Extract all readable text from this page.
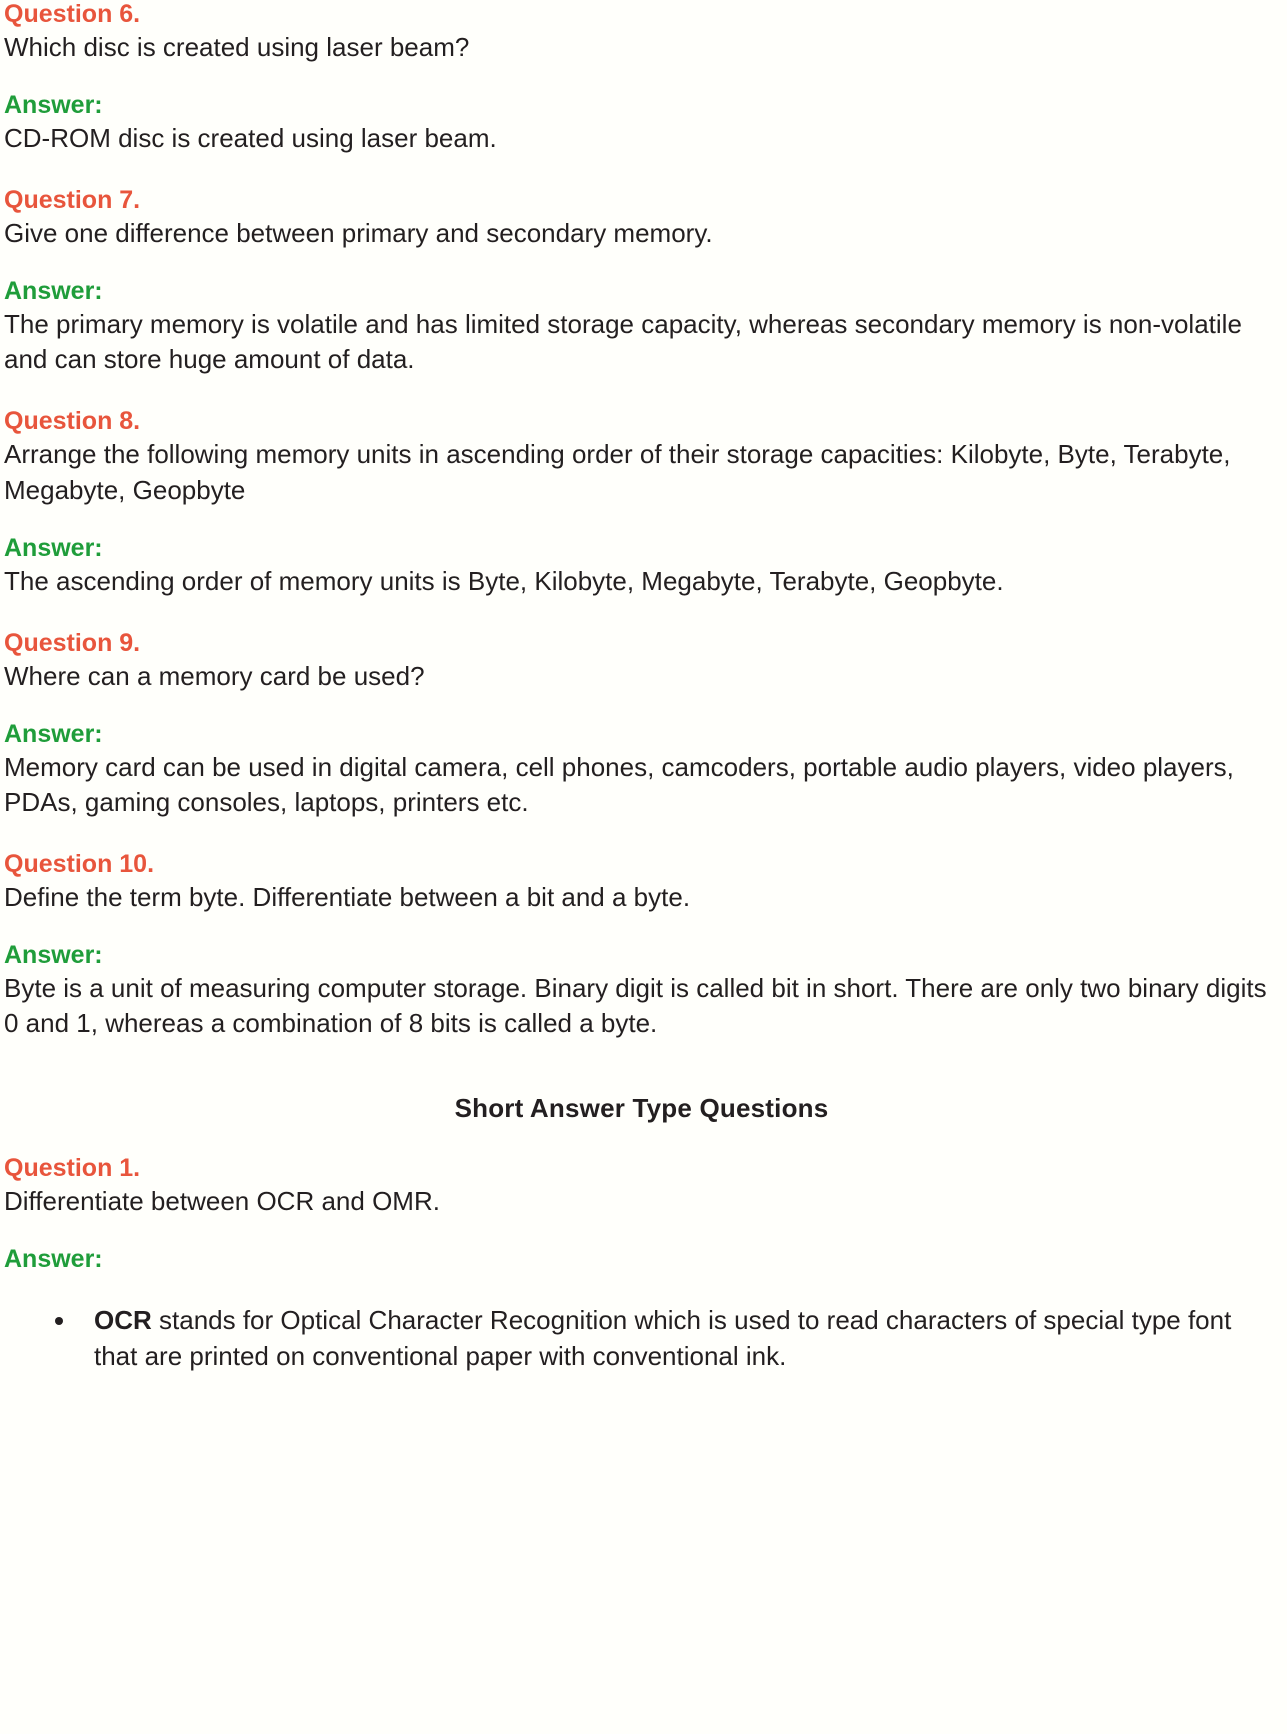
Question 6.
Which disc is created using laser beam?
Answer:
CD-ROM disc is created using laser beam.
Question 7.
Give one difference between primary and secondary memory.
Answer:
The primary memory is volatile and has limited storage capacity, whereas secondary memory is non-volatile and can store huge amount of data.
Question 8.
Arrange the following memory units in ascending order of their storage capacities: Kilobyte, Byte, Terabyte, Megabyte, Geopbyte
Answer:
The ascending order of memory units is Byte, Kilobyte, Megabyte, Terabyte, Geopbyte.
Question 9.
Where can a memory card be used?
Answer:
Memory card can be used in digital camera, cell phones, camcoders, portable audio players, video players, PDAs, gaming consoles, laptops, printers etc.
Question 10.
Define the term byte. Differentiate between a bit and a byte.
Answer:
Byte is a unit of measuring computer storage. Binary digit is called bit in short. There are only two binary digits 0 and 1, whereas a combination of 8 bits is called a byte.
Short Answer Type Questions
Question 1.
Differentiate between OCR and OMR.
Answer:
• OCR stands for Optical Character Recognition which is used to read characters of special type font that are printed on conventional paper with conventional ink.
